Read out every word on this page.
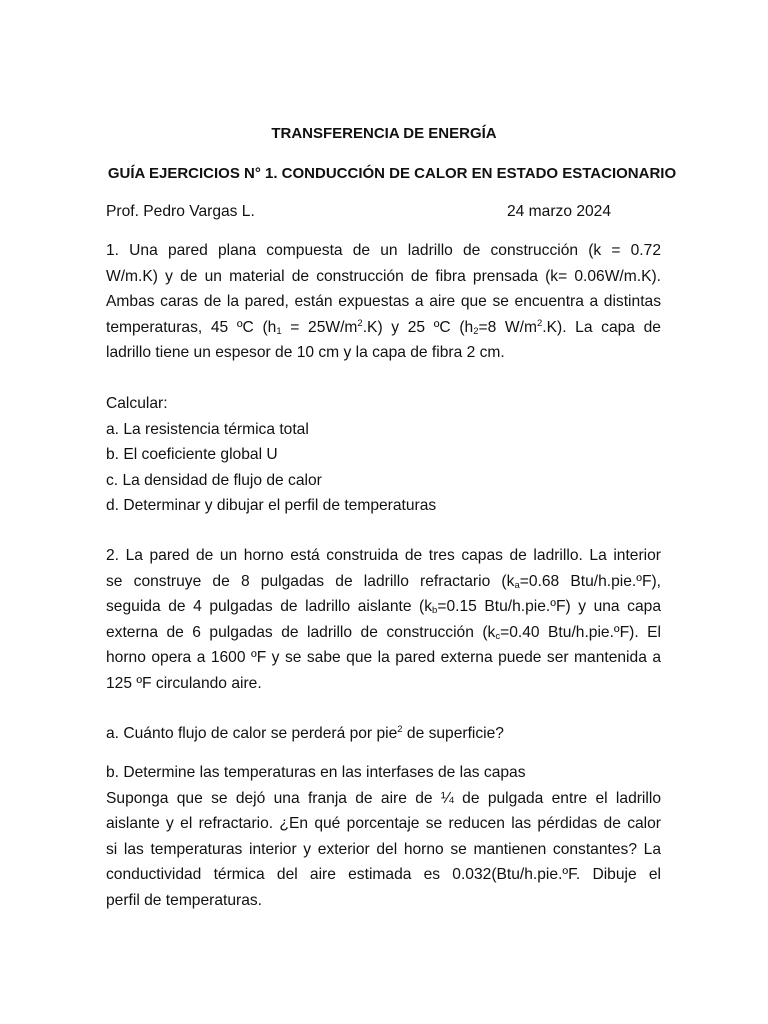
TRANSFERENCIA DE ENERGÍA
GUÍA EJERCICIOS N° 1. CONDUCCIÓN DE CALOR EN ESTADO ESTACIONARIO
Prof. Pedro Vargas L.	24 marzo 2024
1. Una pared plana compuesta de un ladrillo de construcción (k = 0.72
W/m.K) y de un material de construcción de fibra prensada (k= 0.06W/m.K).
Ambas caras de la pared, están expuestas a aire que se encuentra a distintas
temperaturas, 45 ºC $(h_1 = 25W/m^2.K)$ y 25 ºC ($h_2=8$ $W/m^2.K$). La capa de
ladrillo tiene un espesor de 10 cm y la capa de fibra 2 cm.
Calcular:
a. La resistencia térmica total
b. El coeficiente global U
c. La densidad de flujo de calor
d. Determinar y dibujar el perfil de temperaturas
2. La pared de un horno está construida de tres capas de ladrillo. La interior
se construye de 8 pulgadas de ladrillo refractario ($k_a=0.68$ Btu/h.pie.ºF),
seguida de 4 pulgadas de ladrillo aislante ($k_b=0.15$ Btu/h.pie.ºF) y una capa
externa de 6 pulgadas de ladrillo de construcción ($k_c=0.40$ Btu/h.pie.ºF). El
horno opera a 1600 ºF y se sabe que la pared externa puede ser mantenida a
125 ºF circulando aire.
a. Cuánto flujo de calor se perderá por pie$^2$ de superficie?
b. Determine las temperaturas en las interfases de las capas
Suponga que se dejó una franja de aire de ¼ de pulgada entre el ladrillo
aislante y el refractario. ¿En qué porcentaje se reducen las pérdidas de calor
si las temperaturas interior y exterior del horno se mantienen constantes? La
conductividad térmica del aire estimada es 0.032(Btu/h.pie.ºF. Dibuje el
perfil de temperaturas.
